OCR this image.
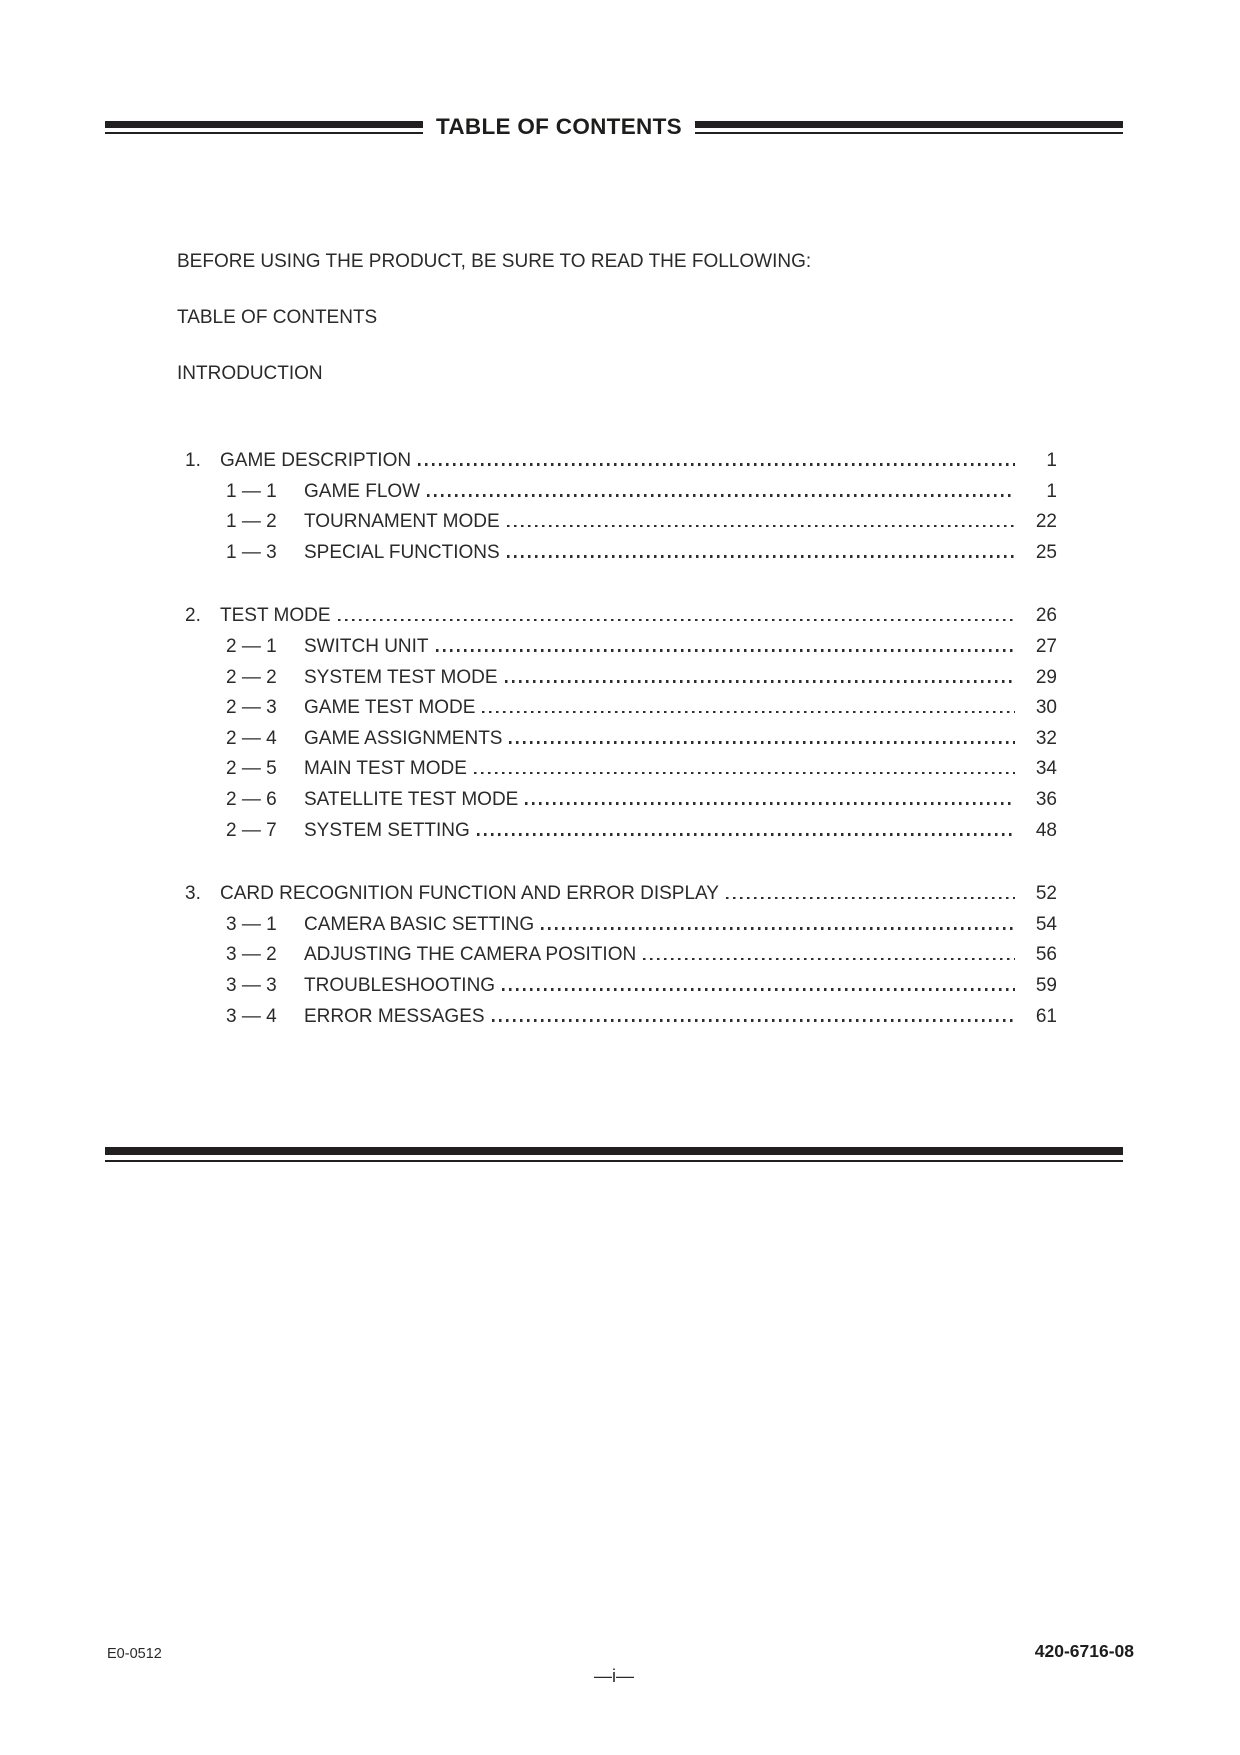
TABLE OF CONTENTS
BEFORE USING THE PRODUCT, BE SURE TO READ THE FOLLOWING:
TABLE OF CONTENTS
INTRODUCTION
1.	GAME DESCRIPTION	1
1 — 1	GAME FLOW	1
1 — 2	TOURNAMENT MODE	22
1 — 3	SPECIAL FUNCTIONS	25
2.	TEST MODE	26
2 — 1	SWITCH UNIT	27
2 — 2	SYSTEM TEST MODE	29
2 — 3	GAME TEST MODE	30
2 — 4	GAME ASSIGNMENTS	32
2 — 5	MAIN TEST MODE	34
2 — 6	SATELLITE TEST MODE	36
2 — 7	SYSTEM SETTING	48
3.	CARD RECOGNITION FUNCTION AND ERROR DISPLAY	52
3 — 1	CAMERA BASIC SETTING	54
3 — 2	ADJUSTING THE CAMERA POSITION	56
3 — 3	TROUBLESHOOTING	59
3 — 4	ERROR MESSAGES	61
E0-0512	420-6716-08
—i—
